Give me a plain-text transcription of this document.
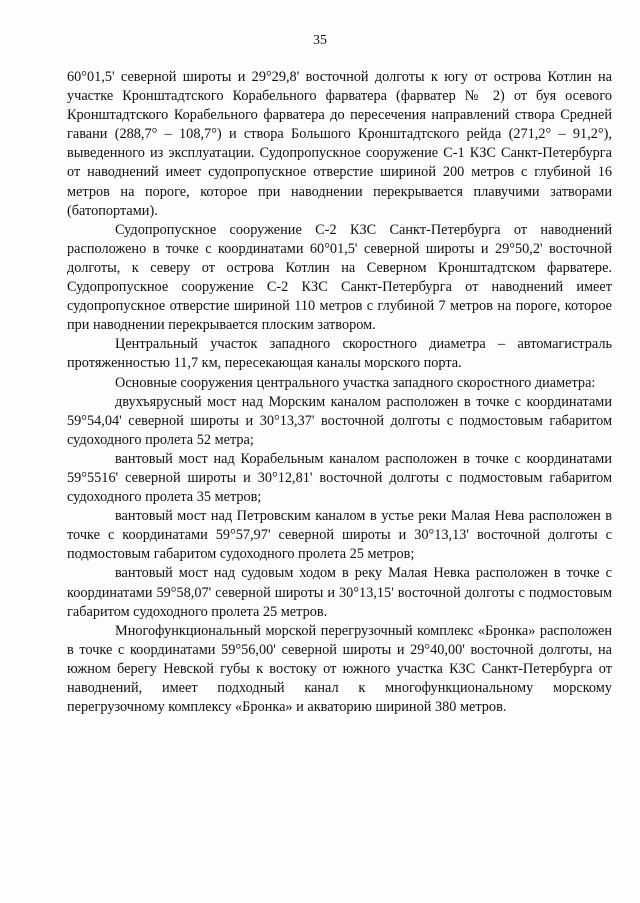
35

60°01,5' северной широты и 29°29,8' восточной долготы к югу от острова Котлин на участке Кронштадтского Корабельного фарватера (фарватер № 2) от буя осевого Кронштадтского Корабельного фарватера до пересечения направлений створа Средней гавани (288,7° – 108,7°) и створа Большого Кронштадтского рейда (271,2° – 91,2°), выведенного из эксплуатации. Судопропускное сооружение С-1 КЗС Санкт-Петербурга от наводнений имеет судопропускное отверстие шириной 200 метров с глубиной 16 метров на пороге, которое при наводнении перекрывается плавучими затворами (батопортами).

Судопропускное сооружение С-2 КЗС Санкт-Петербурга от наводнений расположено в точке с координатами 60°01,5' северной широты и 29°50,2' восточной долготы, к северу от острова Котлин на Северном Кронштадтском фарватере. Судопропускное сооружение С-2 КЗС Санкт-Петербурга от наводнений имеет судопропускное отверстие шириной 110 метров с глубиной 7 метров на пороге, которое при наводнении перекрывается плоским затвором.

Центральный участок западного скоростного диаметра – автомагистраль протяженностью 11,7 км, пересекающая каналы морского порта.

Основные сооружения центрального участка западного скоростного диаметра:

двухъярусный мост над Морским каналом расположен в точке с координатами 59°54,04' северной широты и 30°13,37' восточной долготы с подмостовым габаритом судоходного пролета 52 метра;

вантовый мост над Корабельным каналом расположен в точке с координатами 59°5516' северной широты и 30°12,81' восточной долготы с подмостовым габаритом судоходного пролета 35 метров;

вантовый мост над Петровским каналом в устье реки Малая Нева расположен в точке с координатами 59°57,97' северной широты и 30°13,13' восточной долготы с подмостовым габаритом судоходного пролета 25 метров;

вантовый мост над судовым ходом в реку Малая Невка расположен в точке с координатами 59°58,07' северной широты и 30°13,15' восточной долготы с подмостовым габаритом судоходного пролета 25 метров.

Многофункциональный морской перегрузочный комплекс «Бронка» расположен в точке с координатами 59°56,00' северной широты и 29°40,00' восточной долготы, на южном берегу Невской губы к востоку от южного участка КЗС Санкт-Петербурга от наводнений, имеет подходный канал к многофункциональному морскому перегрузочному комплексу «Бронка» и акваторию шириной 380 метров.
